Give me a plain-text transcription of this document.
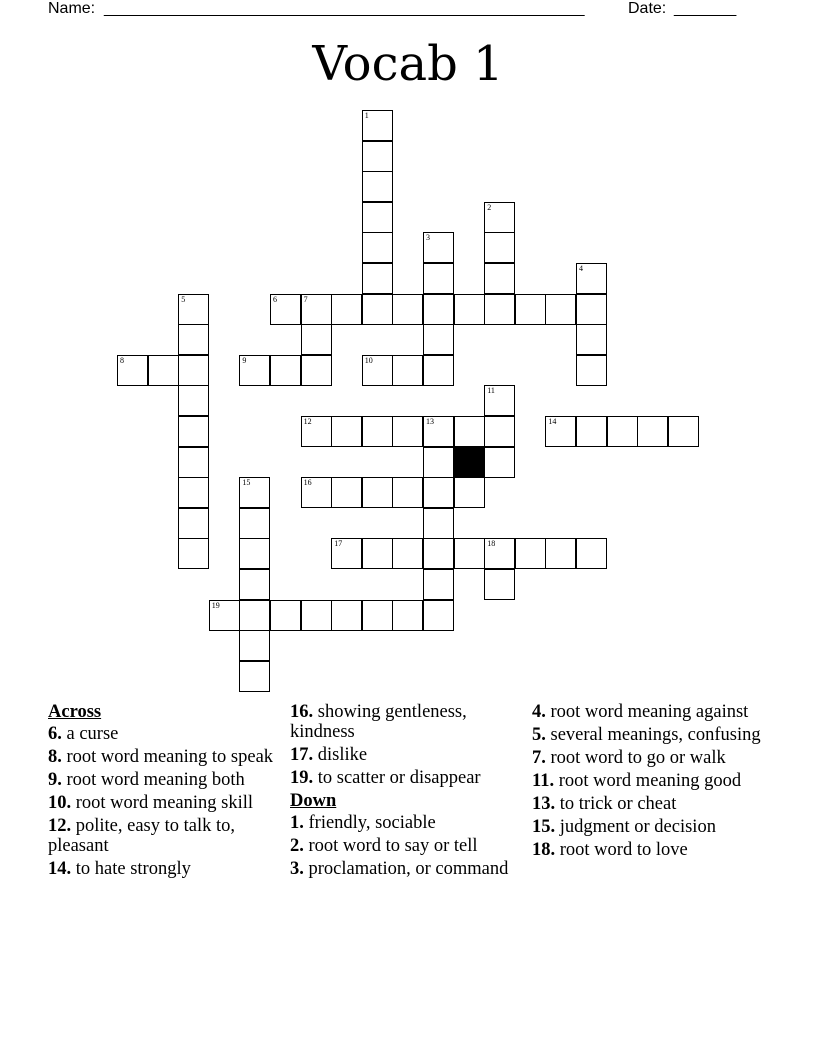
Name: ______________________________________________________	Date: _______
Vocab 1
1
2
3
4
5	6	7
8	9	10
11
12	13	14
15	16
17	18
19
Across
6. a curse
8. root word meaning to speak
9. root word meaning both
10. root word meaning skill
12. polite, easy to talk to, pleasant
14. to hate strongly
16. showing gentleness, kindness
17. dislike
19. to scatter or disappear
Down
1. friendly, sociable
2. root word to say or tell
3. proclamation, or command
4. root word meaning against
5. several meanings, confusing
7. root word to go or walk
11. root word meaning good
13. to trick or cheat
15. judgment or decision
18. root word to love
